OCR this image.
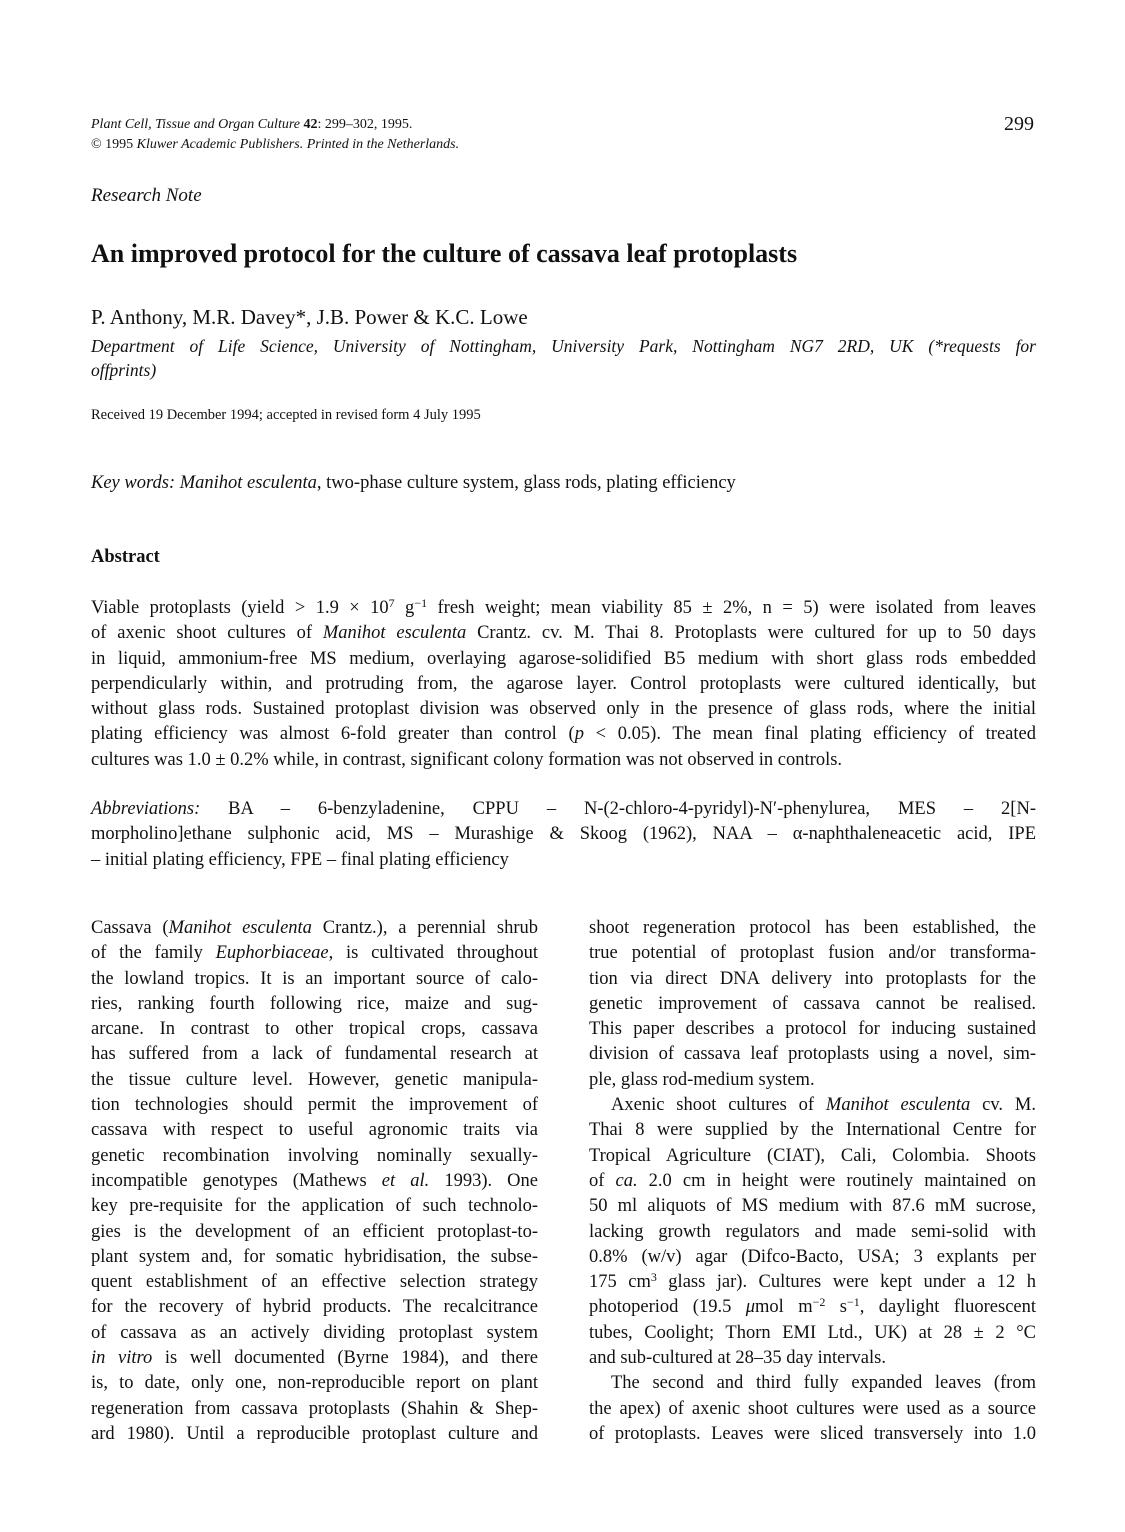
Plant Cell, Tissue and Organ Culture 42: 299–302, 1995.
© 1995 Kluwer Academic Publishers. Printed in the Netherlands.
299
Research Note
An improved protocol for the culture of cassava leaf protoplasts
P. Anthony, M.R. Davey*, J.B. Power & K.C. Lowe
Department of Life Science, University of Nottingham, University Park, Nottingham NG7 2RD, UK (*requests for
offprints)
Received 19 December 1994; accepted in revised form 4 July 1995
Key words: Manihot esculenta, two-phase culture system, glass rods, plating efficiency
Abstract
Viable protoplasts (yield > $1.9 \times 10^7$ $g^{-1}$ fresh weight; mean viability 85 ± 2%, n = 5) were isolated from leaves
of axenic shoot cultures of Manihot esculenta Crantz. cv. M. Thai 8. Protoplasts were cultured for up to 50 days
in liquid, ammonium-free MS medium, overlaying agarose-solidified B5 medium with short glass rods embedded
perpendicularly within, and protruding from, the agarose layer. Control protoplasts were cultured identically, but
without glass rods. Sustained protoplast division was observed only in the presence of glass rods, where the initial
plating efficiency was almost 6-fold greater than control (p < 0.05). The mean final plating efficiency of treated
cultures was 1.0 ± 0.2% while, in contrast, significant colony formation was not observed in controls.
Abbreviations: BA – 6-benzyladenine, CPPU – N-(2-chloro-4-pyridyl)-N′-phenylurea, MES – 2[N-
morpholino]ethane sulphonic acid, MS – Murashige & Skoog (1962), NAA – α-naphthaleneacetic acid, IPE
– initial plating efficiency, FPE – final plating efficiency
Cassava (Manihot esculenta Crantz.), a perennial shrub
of the family Euphorbiaceae, is cultivated throughout
the lowland tropics. It is an important source of calo-
ries, ranking fourth following rice, maize and sug-
arcane. In contrast to other tropical crops, cassava
has suffered from a lack of fundamental research at
the tissue culture level. However, genetic manipula-
tion technologies should permit the improvement of
cassava with respect to useful agronomic traits via
genetic recombination involving nominally sexually-
incompatible genotypes (Mathews et al. 1993). One
key pre-requisite for the application of such technolo-
gies is the development of an efficient protoplast-to-
plant system and, for somatic hybridisation, the subse-
quent establishment of an effective selection strategy
for the recovery of hybrid products. The recalcitrance
of cassava as an actively dividing protoplast system
in vitro is well documented (Byrne 1984), and there
is, to date, only one, non-reproducible report on plant
regeneration from cassava protoplasts (Shahin & Shep-
ard 1980). Until a reproducible protoplast culture and
shoot regeneration protocol has been established, the
true potential of protoplast fusion and/or transforma-
tion via direct DNA delivery into protoplasts for the
genetic improvement of cassava cannot be realised.
This paper describes a protocol for inducing sustained
division of cassava leaf protoplasts using a novel, sim-
ple, glass rod-medium system.
Axenic shoot cultures of Manihot esculenta cv. M.
Thai 8 were supplied by the International Centre for
Tropical Agriculture (CIAT), Cali, Colombia. Shoots
of ca. 2.0 cm in height were routinely maintained on
50 ml aliquots of MS medium with 87.6 mM sucrose,
lacking growth regulators and made semi-solid with
0.8% (w/v) agar (Difco-Bacto, USA; 3 explants per
175 $cm^3$ glass jar). Cultures were kept under a 12 h
photoperiod (19.5 μmol $m^{-2}$ $s^{-1}$, daylight fluorescent
tubes, Coolight; Thorn EMI Ltd., UK) at 28 ± 2 °C
and sub-cultured at 28–35 day intervals.
The second and third fully expanded leaves (from
the apex) of axenic shoot cultures were used as a source
of protoplasts. Leaves were sliced transversely into 1.0
